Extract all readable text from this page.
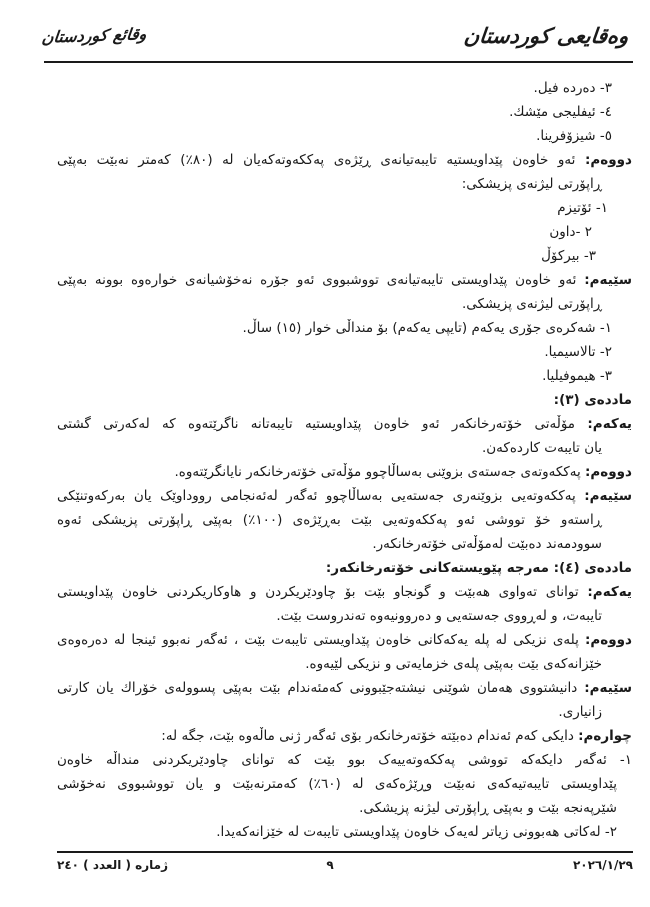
وقائع كوردستان	وەقايعى كوردستان
٣- دەردە فیل.
٤- ئیفلیجی مێشك.
٥- شیزۆفرینا.
دووەم: ئەو خاوەن پێداویستیە تایبەتیانەی ڕێژەی پەککەوتەکەیان لە (٨٠٪) کەمتر نەبێت بەپێی
ڕاپۆرتی لیژنەی پزیشکی:
١- ئۆتیزم
٢ -داون
٣- بیرکۆڵ
سێیەم: ئەو خاوەن پێداویستی تایبەتیانەی تووشبووی ئەو جۆرە نەخۆشیانەی خوارەوە بوونە بەپێی
ڕاپۆرتی لیژنەی پزیشکی.
١- شەکرەی جۆری یەکەم (تایپی یەکەم) بۆ منداڵی خوار (١٥) ساڵ.
٢- تالاسیمیا.
٣- هیموفیلیا.
ماددەی (٣):
یەکەم: مۆڵەتی خۆتەرخانکەر ئەو خاوەن پێداویستیە تایبەتانە ناگرێتەوە کە لەکەرتی گشتی
یان تایبەت کاردەکەن.
دووەم: پەککەوتەی جەستەی بزوێنی بەساڵاچوو مۆڵەتی خۆتەرخانکەر نایانگرێتەوە.
سێیەم: پەککەوتەیی بزوێنەری جەستەیی بەساڵاچوو ئەگەر لەئەنجامی رووداوێک یان بەرکەوتنێکی
ڕاستەو خۆ تووشی ئەو پەککەوتەیی بێت بەڕێژەی (١٠٠٪) بەپێی ڕاپۆرتی پزیشکی ئەوە
سوودمەند دەبێت لەمۆڵەتی خۆتەرخانکەر.
ماددەی (٤): مەرجە پێویستەکانی خۆتەرخانکەر:
یەکەم: توانای تەواوی هەبێت و گونجاو بێت بۆ چاودێریکردن و هاوکاریکردنی خاوەن پێداویستی
تایبەت، و لەڕووی جەستەیی و دەروونیەوە تەندروست بێت.
دووەم: پلەی نزیکی لە پلە یەکەکانی خاوەن پێداویستی تایبەت بێت ، ئەگەر نەبوو ئینجا لە دەرەوەی
خێزانەکەی بێت بەپێی پلەی خزمایەتی و نزیکی لێیەوە.
سێیەم: دانیشتووی هەمان شوێنی نیشتەجێبوونی کەمئەندام بێت بەپێی پسوولەی خۆراك یان کارتی
زانیاری.
چوارەم: دایکی کەم ئەندام دەبێتە خۆتەرخانکەر بۆی ئەگەر ژنی ماڵەوە بێت، جگە لە:
١- ئەگەر دایکەکە تووشی پەککەوتەییەک بوو بێت کە توانای چاودێریکردنی منداڵە خاوەن
پێداویستی تایبەتیەکەی نەبێت وڕێژەکەی لە (٦٠٪) کەمترنەبێت و یان تووشبووی نەخۆشی
شێرپەنجە بێت و بەپێی ڕاپۆرتی لیژنە پزیشکی.
٢- لەکاتی هەبوونی زیاتر لەیەک خاوەن پێداویستی تایبەت لە خێزانەکەیدا.
ژمارە ( العدد ) ٢٤٠	٩	٢٠٢٦/١/٢٩
